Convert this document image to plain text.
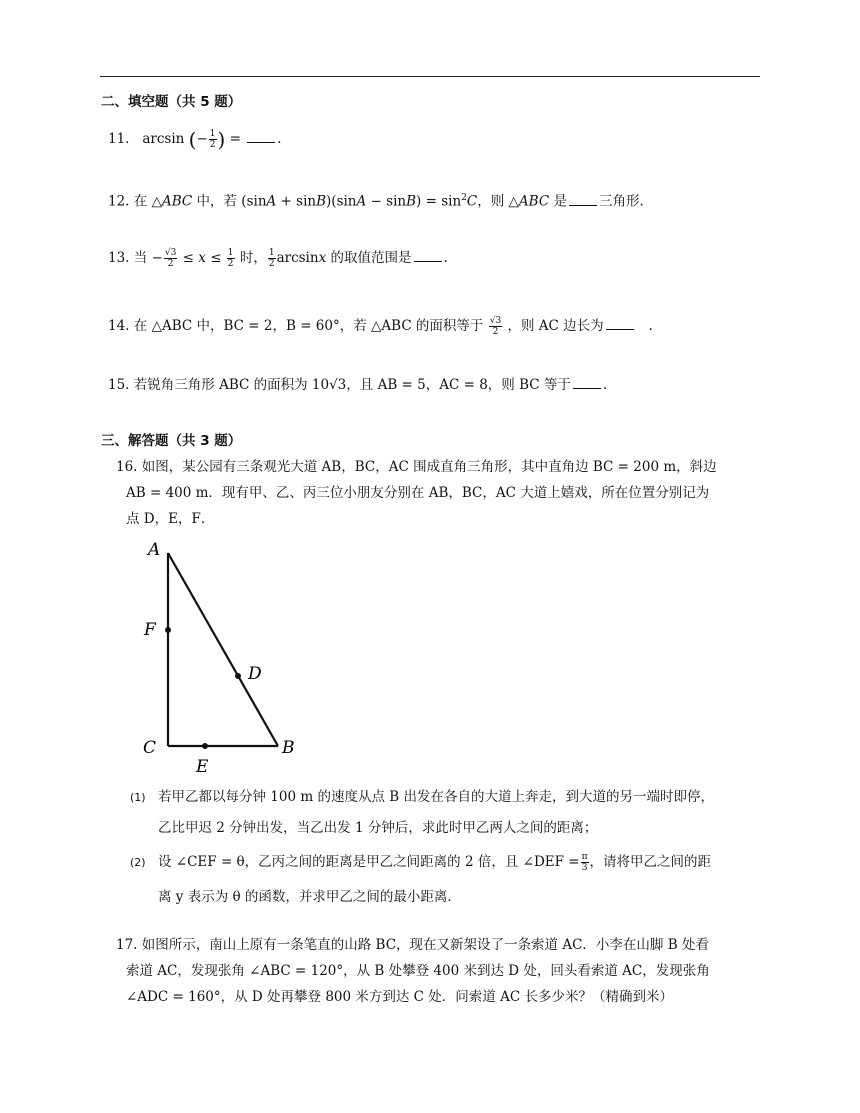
二、填空题（共 5 题）
11. arcsin (− $\frac{1}{2}$ ) =	.
12. 在 △ABC 中，若 $(\sin A + \sin B)(\sin A - \sin B) = \sin^2C$，则 △ABC 是 三角形.
13. 当 − $\frac{√3}{2} \le x \le \frac{1}{2}$ 时， $\frac{1}{2}$ arcsinx 的取值范围是 .
14. 在 △ABC 中，BC = 2，B = 60°，若 △ABC 的面积等于 $\frac{√3}{2}$ ，则 AC 边长为	.
15. 若锐角三角形 ABC 的面积为 10√3，且 AB = 5，AC = 8，则 BC 等于 .
三、解答题（共 3 题）
16. 如图，某公园有三条观光大道 AB，BC，AC 围成直角三角形，其中直角边 BC = 200 m，斜边
AB = 400 m．现有甲、乙、丙三位小朋友分别在 AB，BC，AC 大道上嬉戏，所在位置分别记为
点 D，E，F．
A
B
C
D
E
F
(1) 若甲乙都以每分钟 100 m 的速度从点 B 出发在各自的大道上奔走，到大道的另一端时即停，
乙比甲迟 2 分钟出发，当乙出发 1 分钟后，求此时甲乙两人之间的距离；
(2) 设 ∠CEF = θ，乙丙之间的距离是甲乙之间距离的 2 倍，且 ∠DEF = $\frac{\pi}{3}$ ，请将甲乙之间的距
离 y 表示为 θ 的函数，并求甲乙之间的最小距离．
17. 如图所示，南山上原有一条笔直的山路 BC，现在又新架设了一条索道 AC．小李在山脚 B 处看
索道 AC，发现张角 ∠ABC = 120°，从 B 处攀登 400 米到达 D 处，回头看索道 AC，发现张角
∠ADC = 160°，从 D 处再攀登 800 米方到达 C 处．问索道 AC 长多少米？（精确到米）
